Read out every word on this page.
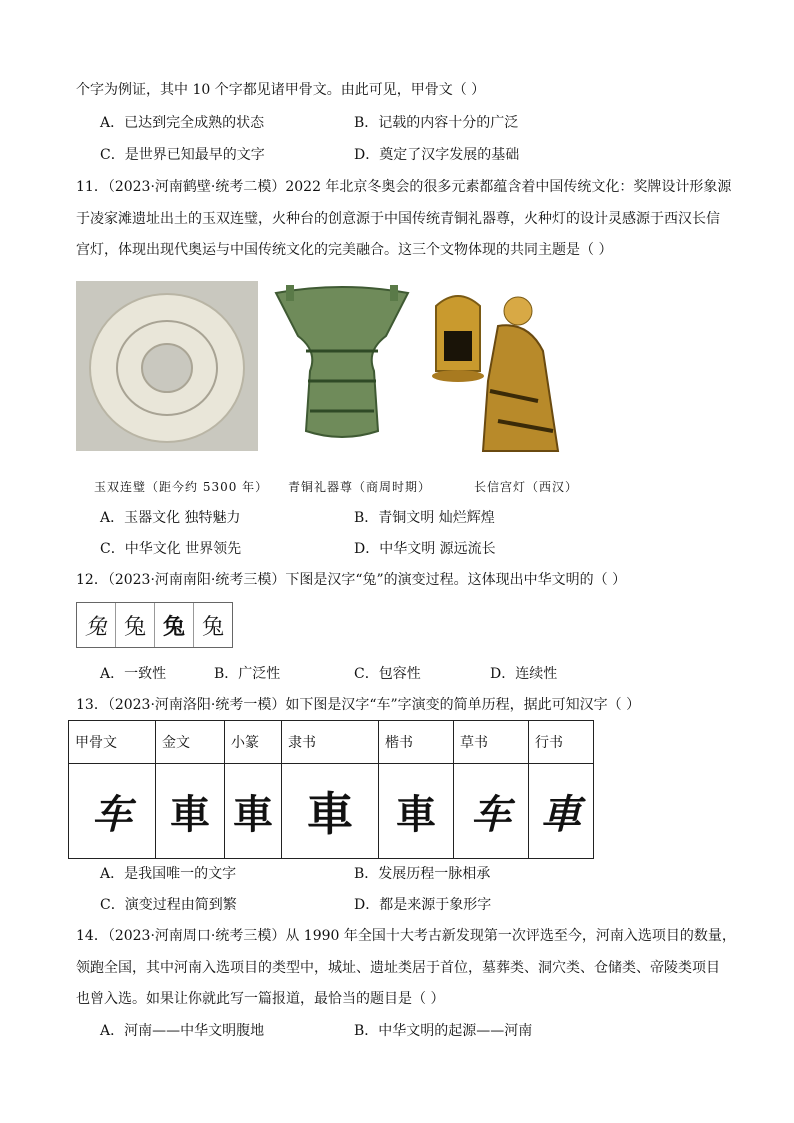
个字为例证，其中 10 个字都见诸甲骨文。由此可见，甲骨文（ ）
A．已达到完全成熟的状态	B．记载的内容十分的广泛
C．是世界已知最早的文字	D．奠定了汉字发展的基础
11．（2023·河南鹤壁·统考二模）2022 年北京冬奥会的很多元素都蕴含着中国传统文化：奖牌设计形象源
于凌家滩遗址出土的玉双连璧，火种台的创意源于中国传统青铜礼器尊，火种灯的设计灵感源于西汉长信
宫灯，体现出现代奥运与中国传统文化的完美融合。这三个文物体现的共同主题是（ ）
玉双连璧（距今约 5300 年） 青铜礼器尊（商周时期）	长信宫灯（西汉）
A．玉器文化 独特魅力	B．青铜文明 灿烂辉煌
C．中华文化 世界领先	D．中华文明 源远流长
12．（2023·河南南阳·统考三模）下图是汉字“兔”的演变过程。这体现出中华文明的（ ）
兔 兔 兔 兔
A．一致性	B．广泛性	C．包容性	D．连续性
13．（2023·河南洛阳·统考一模）如下图是汉字“车”字演变的简单历程，据此可知汉字（ ）
甲骨文	金文	小篆	隶书	楷书	草书	行书
车	車	車	車	車	车	車
A．是我国唯一的文字	B．发展历程一脉相承
C．演变过程由简到繁	D．都是来源于象形字
14．（2023·河南周口·统考三模）从 1990 年全国十大考古新发现第一次评选至今，河南入选项目的数量，
领跑全国，其中河南入选项目的类型中，城址、遗址类居于首位，墓葬类、洞穴类、仓储类、帝陵类项目
也曾入选。如果让你就此写一篇报道，最恰当的题目是（ ）
A．河南——中华文明腹地	B．中华文明的起源——河南
